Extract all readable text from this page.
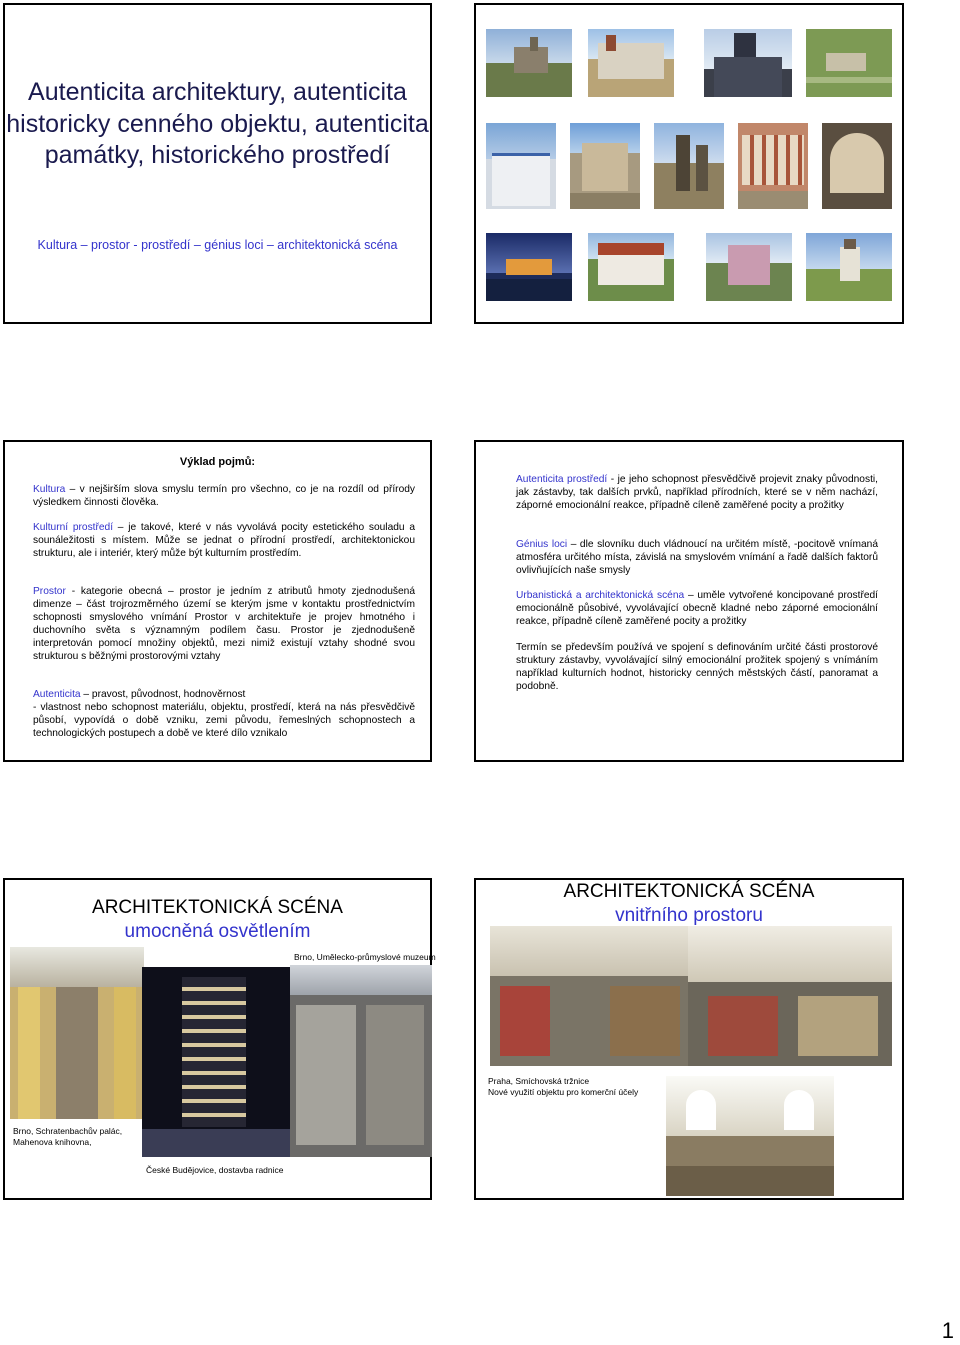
Autenticita architektury, autenticita historicky cenného objektu, autenticita památky, historického prostředí
Kultura – prostor - prostředí – génius loci – architektonická scéna
Výklad pojmů:

Kultura – v nejširším slova smyslu termín pro všechno, co je na rozdíl od přírody výsledkem činnosti člověka.

Kulturní prostředí – je takové, které v nás vyvolává pocity estetického souladu a sounáležitosti s místem. Může se jednat o přírodní prostředí, architektonickou strukturu, ale i interiér, který může být kulturním prostředím.

Prostor - kategorie obecná – prostor je jedním z atributů hmoty zjednodušená dimenze – část trojrozměrného území se kterým jsme v kontaktu prostřednictvím schopnosti smyslového vnímání Prostor v architektuře je projev hmotného i duchovního světa s významným podílem času. Prostor je zjednodušeně interpretován pomocí množiny objektů, mezi nimiž existují vztahy shodné svou strukturou s běžnými prostorovými vztahy

Autenticita – pravost, původnost, hodnověrnost

- vlastnost nebo schopnost materiálu, objektu, prostředí, která na nás přesvědčivě působí, vypovídá o době vzniku, zemi původu, řemeslných schopnostech a technologických postupech a době ve které dílo vznikalo

Autenticita prostředí - je jeho schopnost přesvědčivě projevit znaky původnosti, jak zástavby, tak dalších prvků, například přírodních, které se v něm nachází, záporné emocionální reakce, případně cíleně zaměřené pocity a prožitky

Génius loci – dle slovníku duch vládnoucí na určitém místě, -pocitově vnímaná atmosféra určitého místa, závislá na smyslovém vnímání a řadě dalších faktorů ovlivňujících naše smysly

Urbanistická a architektonická scéna – uměle vytvořené koncipované prostředí emocionálně působivé, vyvolávající obecně kladné nebo záporné emocionální reakce, případně cíleně zaměřené pocity a prožitky

Termín se především používá ve spojení s definováním určité části prostorové struktury zástavby, vyvolávající silný emocionální prožitek spojený s vnímáním například kulturních hodnot, historicky cenných městských částí, panoramat a podobně.

ARCHITEKTONICKÁ SCÉNA
umocněná osvětlením
Brno, Umělecko-průmyslové muzeum
Brno, Schratenbachův palác,
Mahenova knihovna,
České Budějovice, dostavba radnice
ARCHITEKTONICKÁ SCÉNA
vnitřního prostoru
Praha, Smíchovská tržnice
Nové využití objektu pro komerční účely
1
